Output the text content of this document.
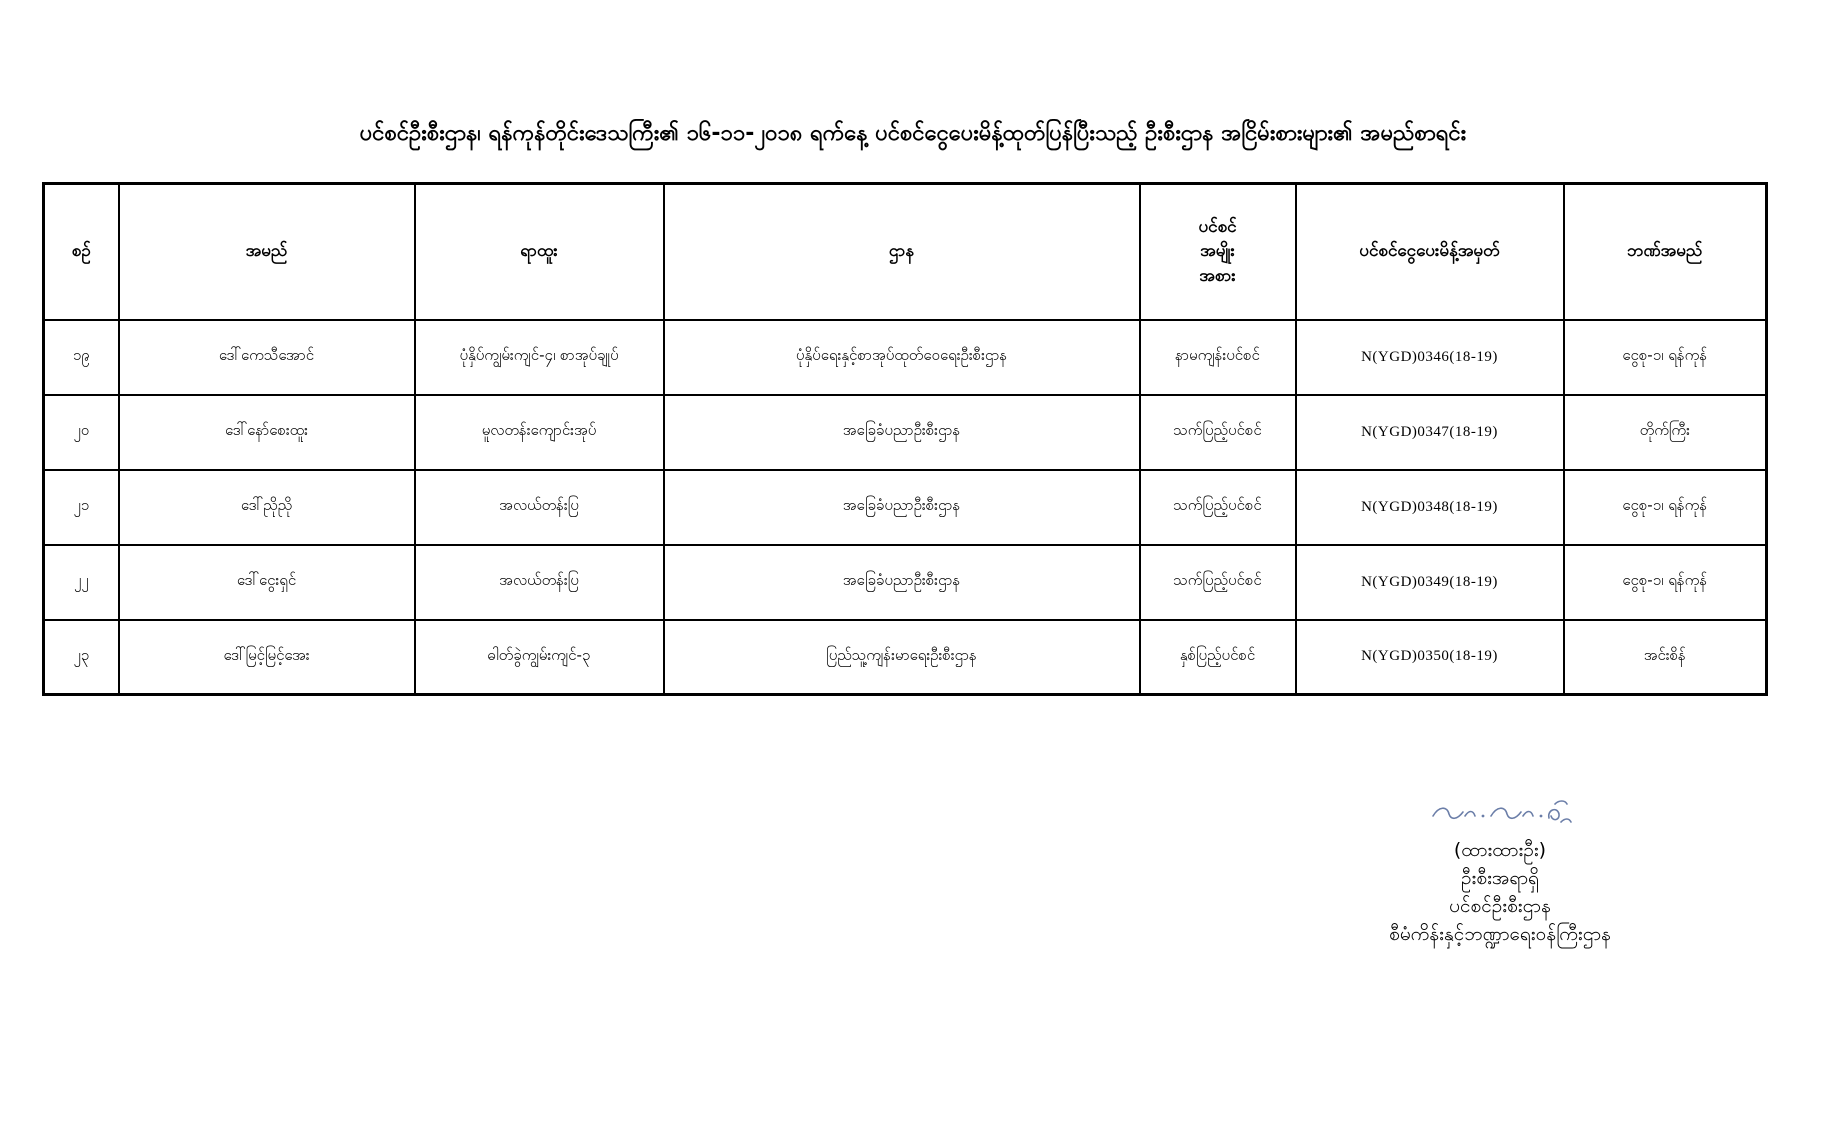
ပင်စင်ဦးစီးဌာန၊ ရန်ကုန်တိုင်းဒေသကြီး၏ ၁၆-၁၁-၂၀၁၈ ရက်နေ့ ပင်စင်ငွေပေးမိန့်ထုတ်ပြန်ပြီးသည့် ဦးစီးဌာန အငြိမ်းစားများ၏ အမည်စာရင်း
စဥ်	အမည်	ရာထူး	ဌာန	ပင်စင်
အမျိုး
အစား	ပင်စင်ငွေပေးမိန့်အမှတ်	ဘဏ်အမည်
၁၉	ဒေါ်ကေသီအောင်	ပုံနှိပ်ကျွမ်းကျင်-၄၊ စာအုပ်ချုပ်	ပုံနှိပ်ရေးနှင့်စာအုပ်ထုတ်ဝေရေးဦးစီးဌာန	နာမကျန်းပင်စင်	N(YGD)0346(18-19)	ငွေစု-၁၊ ရန်ကုန်
၂၀	ဒေါ်နော်စေးထူး	မူလတန်းကျောင်းအုပ်	အခြေခံပညာဦးစီးဌာန	သက်ပြည့်ပင်စင်	N(YGD)0347(18-19)	တိုက်ကြီး
၂၁	ဒေါ်ညိုညို	အလယ်တန်းပြ	အခြေခံပညာဦးစီးဌာန	သက်ပြည့်ပင်စင်	N(YGD)0348(18-19)	ငွေစု-၁၊ ရန်ကုန်
၂၂	ဒေါ်ငွေးရှင်	အလယ်တန်းပြ	အခြေခံပညာဦးစီးဌာန	သက်ပြည့်ပင်စင်	N(YGD)0349(18-19)	ငွေစု-၁၊ ရန်ကုန်
၂၃	ဒေါ်မြင့်မြင့်အေး	ဓါတ်ခွဲကျွမ်းကျင်-၃	ပြည်သူ့ကျန်းမာရေးဦးစီးဌာန	နှစ်ပြည့်ပင်စင်	N(YGD)0350(18-19)	အင်းစိန်
(ထားထားဦး)
ဦးစီးအရာရှိ
ပင်စင်ဦးစီးဌာန
စီမံကိန်းနှင့်ဘဏ္ဍာရေးဝန်ကြီးဌာန
